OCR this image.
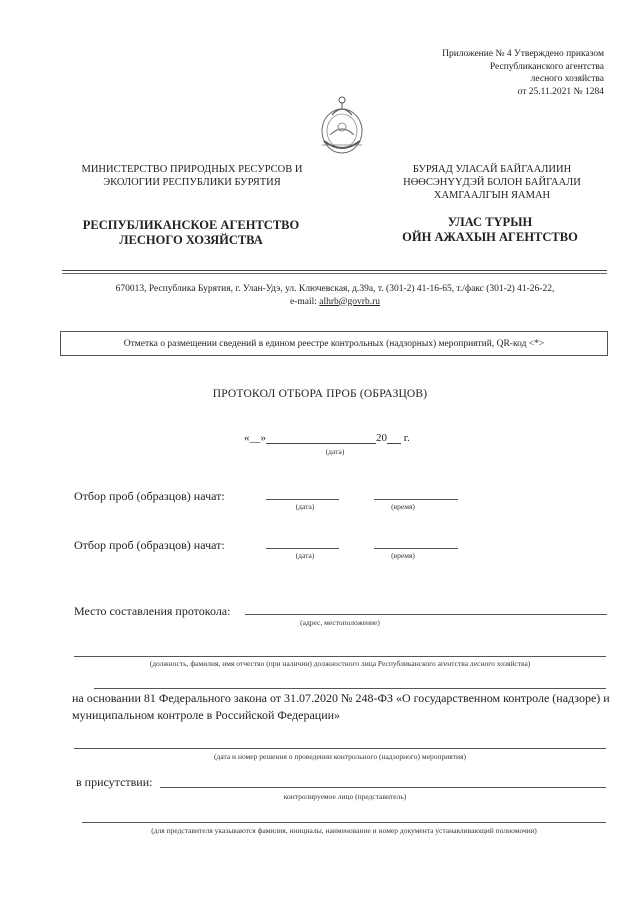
Приложение № 4 Утверждено приказом
Республиканского агентства
лесного хозяйства
от 25.11.2021 № 1284
МИНИСТЕРСТВО ПРИРОДНЫХ РЕСУРСОВ И
ЭКОЛОГИИ РЕСПУБЛИКИ БУРЯТИЯ
БУРЯАД УЛАСАЙ БАЙГААЛИИН
НӨӨСЭНҮҮДЭЙ БОЛОН БАЙГААЛИ
ХАМГААЛГЫН ЯАМАН
РЕСПУБЛИКАНСКОЕ АГЕНТСТВО
ЛЕСНОГО ХОЗЯЙСТВА
УЛАС ТҮРЫН
ОЙН АЖАХЫН АГЕНТСТВО
670013, Республика Бурятия, г. Улан-Удэ, ул. Ключевская, д.39а, т. (301-2) 41-16-65, т./факс (301-2) 41-26-22,
e-mail: alhrb@govrb.ru
Отметка о размещении сведений в едином реестре контрольных (надзорных) мероприятий, QR-код <*>
ПРОТОКОЛ ОТБОРА ПРОБ (ОБРАЗЦОВ)
«__»	20 г.
(дата)
Отбор проб (образцов) начат:
(дата)	(время)
Отбор проб (образцов) начат:
(дата)	(время)
Место составления протокола:
(адрес, местоположение)
(должность, фамилия, имя отчество (при наличии) должностного лица Республиканского агентства лесного хозяйства)
на основании 81 Федерального закона от 31.07.2020 № 248-ФЗ «О государственном контроле (надзоре) и муниципальном контроле в Российской Федерации»
(дата и номер решения о проведении контрольного (надзорного) мероприятия)
в присутствии:
контролируемое лицо (представитель)
(для представителя указываются фамилия, инициалы, наименование и номер документа устанавливающий полномочия)
